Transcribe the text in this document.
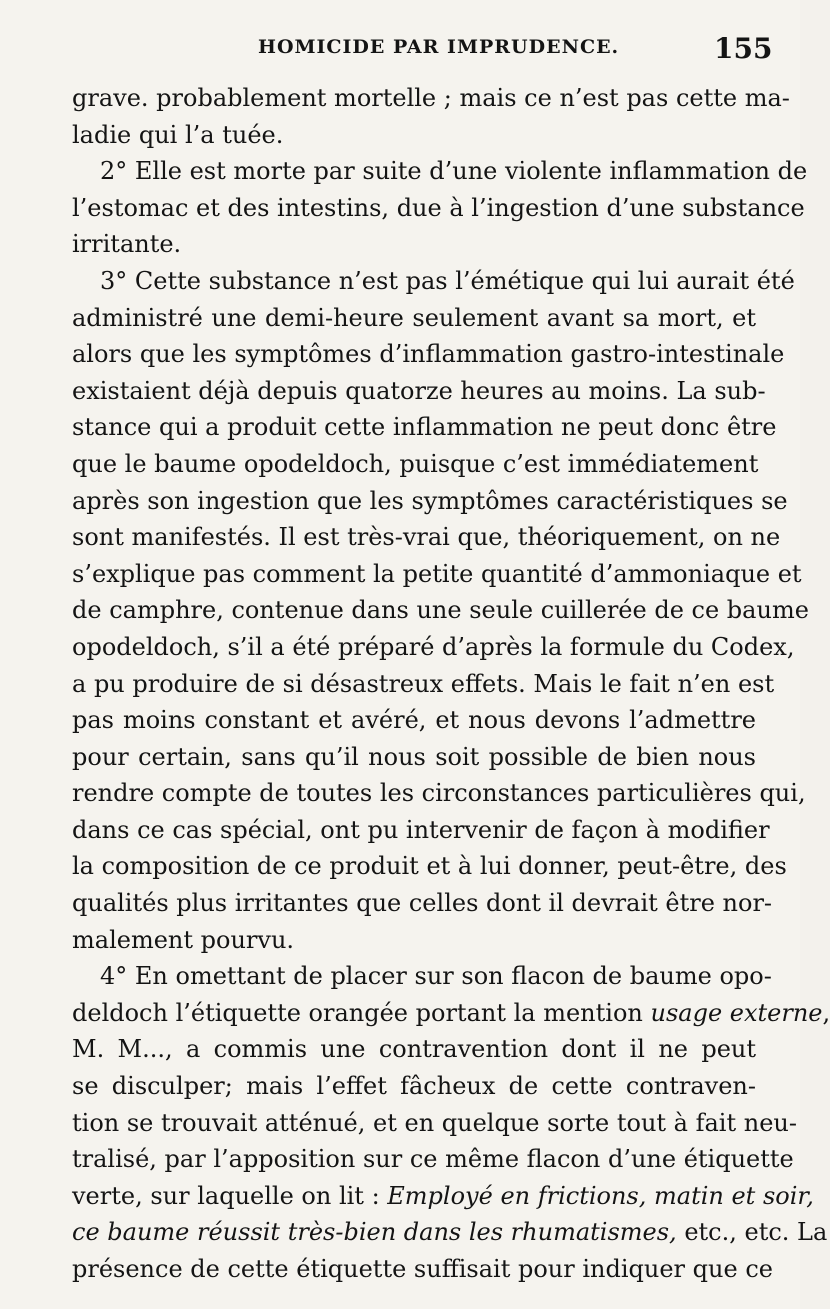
HOMICIDE PAR IMPRUDENCE.	155
grave. probablement mortelle ; mais ce n’est pas cette ma-
ladie qui l’a tuée.
2° Elle est morte par suite d’une violente inflammation de
l’estomac et des intestins, due à l’ingestion d’une substance
irritante.
3° Cette substance n’est pas l’émétique qui lui aurait été
administré une demi-heure seulement avant sa mort, et
alors que les symptômes d’inflammation gastro-intestinale
existaient déjà depuis quatorze heures au moins. La sub-
stance qui a produit cette inflammation ne peut donc être
que le baume opodeldoch, puisque c’est immédiatement
après son ingestion que les symptômes caractéristiques se
sont manifestés. Il est très-vrai que, théoriquement, on ne
s’explique pas comment la petite quantité d’ammoniaque et
de camphre, contenue dans une seule cuillerée de ce baume
opodeldoch, s’il a été préparé d’après la formule du Codex,
a pu produire de si désastreux effets. Mais le fait n’en est
pas moins constant et avéré, et nous devons l’admettre
pour certain, sans qu’il nous soit possible de bien nous
rendre compte de toutes les circonstances particulières qui,
dans ce cas spécial, ont pu intervenir de façon à modifier
la composition de ce produit et à lui donner, peut-être, des
qualités plus irritantes que celles dont il devrait être nor-
malement pourvu.
4° En omettant de placer sur son flacon de baume opo-
deldoch l’étiquette orangée portant la mention usage externe,
M. M..., a commis une contravention dont il ne peut
se disculper; mais l’effet fâcheux de cette contraven-
tion se trouvait atténué, et en quelque sorte tout à fait neu-
tralisé, par l’apposition sur ce même flacon d’une étiquette
verte, sur laquelle on lit : Employé en frictions, matin et soir,
ce baume réussit très-bien dans les rhumatismes, etc., etc. La
présence de cette étiquette suffisait pour indiquer que ce
